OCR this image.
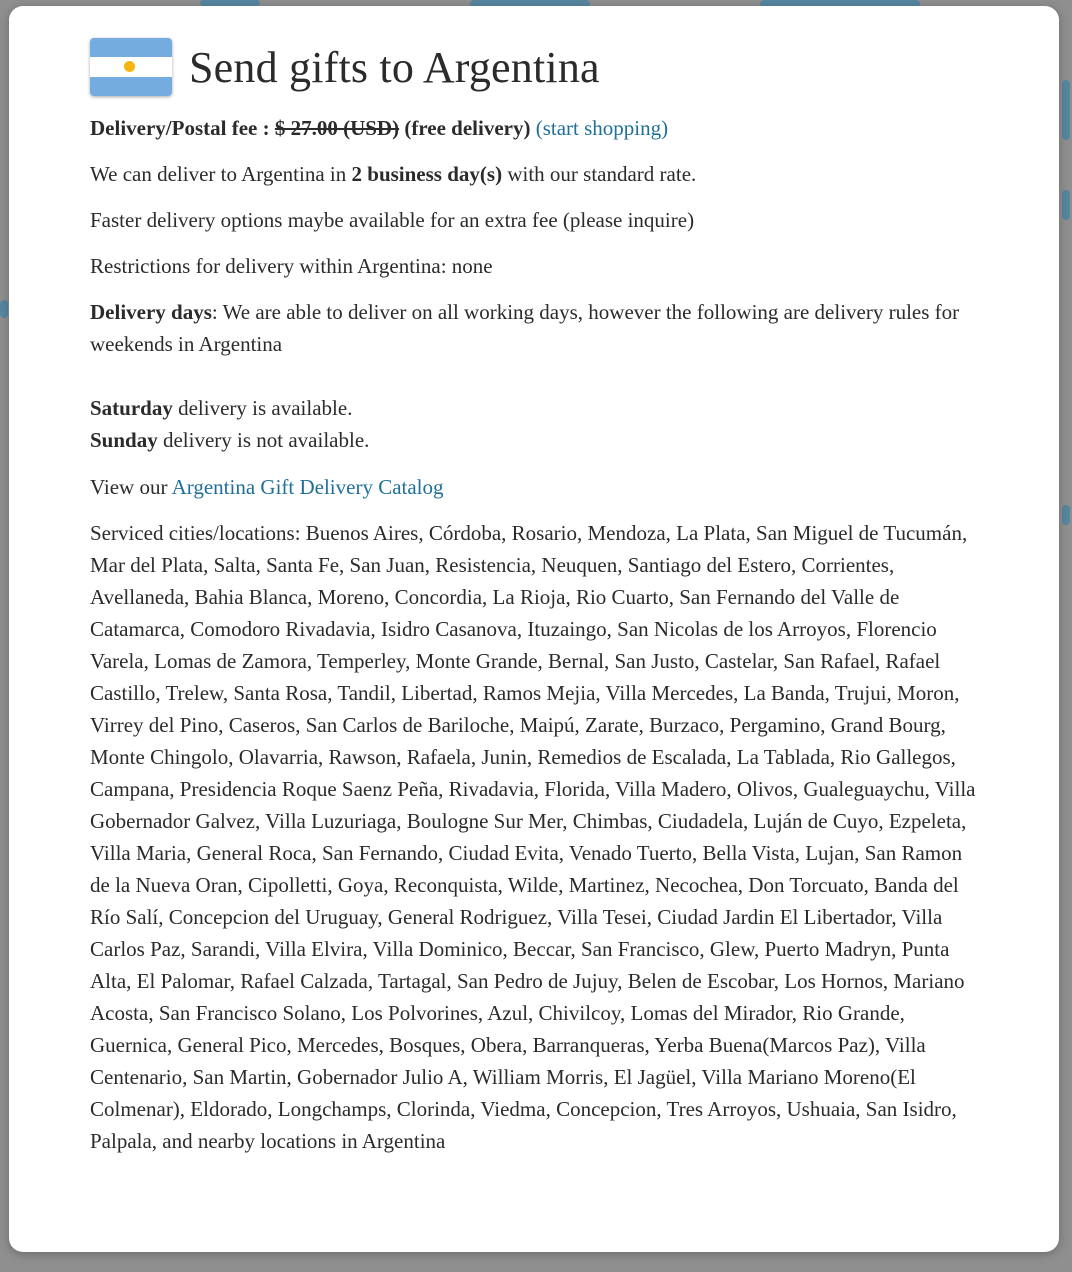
Send gifts to Argentina

Delivery/Postal fee : $ 27.00 (USD) (free delivery) (start shopping)

We can deliver to Argentina in 2 business day(s) with our standard rate.

Faster delivery options maybe available for an extra fee (please inquire)

Restrictions for delivery within Argentina: none

Delivery days: We are able to deliver on all working days, however the following are delivery rules for weekends in Argentina

Saturday delivery is available.
Sunday delivery is not available.

View our Argentina Gift Delivery Catalog

Serviced cities/locations: Buenos Aires, Córdoba, Rosario, Mendoza, La Plata, San Miguel de Tucumán, Mar del Plata, Salta, Santa Fe, San Juan, Resistencia, Neuquen, Santiago del Estero, Corrientes, Avellaneda, Bahia Blanca, Moreno, Concordia, La Rioja, Rio Cuarto, San Fernando del Valle de Catamarca, Comodoro Rivadavia, Isidro Casanova, Ituzaingo, San Nicolas de los Arroyos, Florencio Varela, Lomas de Zamora, Temperley, Monte Grande, Bernal, San Justo, Castelar, San Rafael, Rafael Castillo, Trelew, Santa Rosa, Tandil, Libertad, Ramos Mejia, Villa Mercedes, La Banda, Trujui, Moron, Virrey del Pino, Caseros, San Carlos de Bariloche, Maipú, Zarate, Burzaco, Pergamino, Grand Bourg, Monte Chingolo, Olavarria, Rawson, Rafaela, Junin, Remedios de Escalada, La Tablada, Rio Gallegos, Campana, Presidencia Roque Saenz Peña, Rivadavia, Florida, Villa Madero, Olivos, Gualeguaychu, Villa Gobernador Galvez, Villa Luzuriaga, Boulogne Sur Mer, Chimbas, Ciudadela, Luján de Cuyo, Ezpeleta, Villa Maria, General Roca, San Fernando, Ciudad Evita, Venado Tuerto, Bella Vista, Lujan, San Ramon de la Nueva Oran, Cipolletti, Goya, Reconquista, Wilde, Martinez, Necochea, Don Torcuato, Banda del Río Salí, Concepcion del Uruguay, General Rodriguez, Villa Tesei, Ciudad Jardin El Libertador, Villa Carlos Paz, Sarandi, Villa Elvira, Villa Dominico, Beccar, San Francisco, Glew, Puerto Madryn, Punta Alta, El Palomar, Rafael Calzada, Tartagal, San Pedro de Jujuy, Belen de Escobar, Los Hornos, Mariano Acosta, San Francisco Solano, Los Polvorines, Azul, Chivilcoy, Lomas del Mirador, Rio Grande, Guernica, General Pico, Mercedes, Bosques, Obera, Barranqueras, Yerba Buena(Marcos Paz), Villa Centenario, San Martin, Gobernador Julio A, William Morris, El Jagüel, Villa Mariano Moreno(El Colmenar), Eldorado, Longchamps, Clorinda, Viedma, Concepcion, Tres Arroyos, Ushuaia, San Isidro, Palpala, and nearby locations in Argentina
